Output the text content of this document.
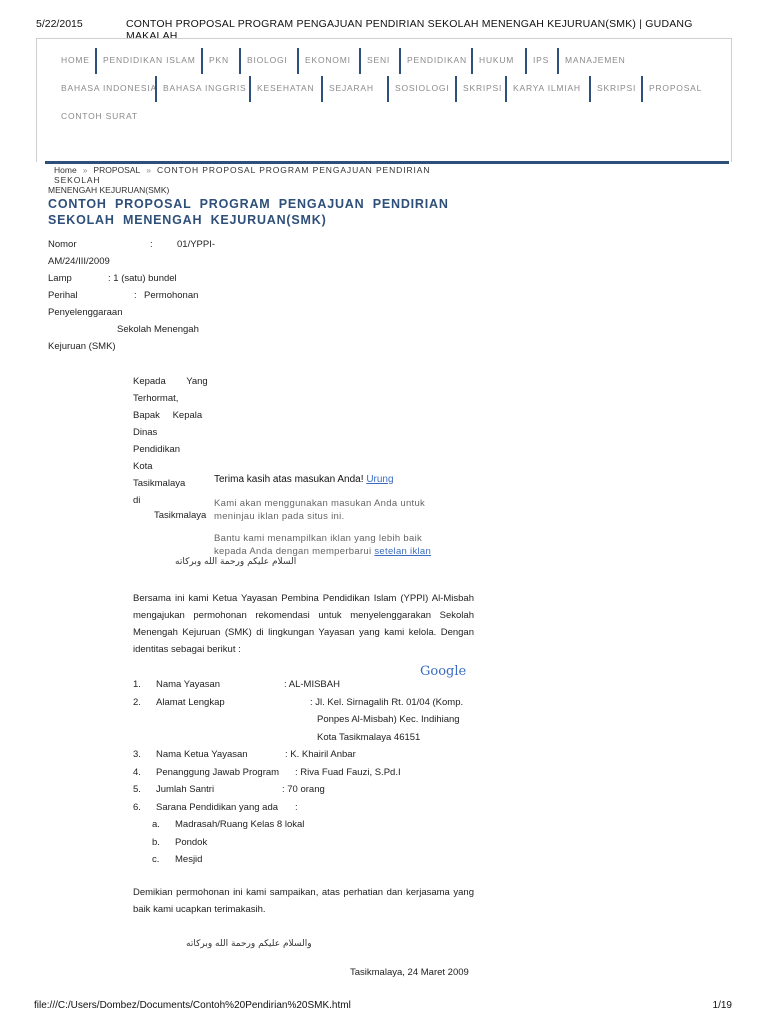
5/22/2015	CONTOH PROPOSAL PROGRAM PENGAJUAN PENDIRIAN SEKOLAH MENENGAH KEJURUAN(SMK) | GUDANG MAKALAH
HOME	PENDIDIKAN ISLAM	PKN	BIOLOGI	EKONOMI	SENI	PENDIDIKAN	HUKUM	IPS	MANAJEMEN
BAHASA INDONESIA BAHASA INGGRIS	KESEHATAN	SEJARAH	SOSIOLOGI	SKRIPSI	KARYA ILMIAH	SKRIPSI	PROPOSAL
CONTOH SURAT
Home » PROPOSAL » CONTOH PROPOSAL PROGRAM PENGAJUAN PENDIRIAN SEKOLAH
MENENGAH KEJURUAN(SMK)
CONTOH PROPOSAL PROGRAM PENGAJUAN PENDIRIAN SEKOLAH MENENGAH KEJURUAN(SMK)
Nomor	:	01/YPPI-
AM/24/III/2009
Lamp	: 1 (satu) bundel
Perihal	: Permohonan
Penyelenggaraan
Sekolah Menengah
Kejuruan (SMK)
Kepada Yang
Terhormat,
Bapak Kepala
Dinas
Pendidikan
Kota
Tasikmalaya
di
Tasikmalaya
Terima kasih atas masukan Anda! Urung
Kami akan menggunakan masukan Anda untuk
meninjau iklan pada situs ini.
Bantu kami menampilkan iklan yang lebih baik
kepada Anda dengan memperbarui setelan iklan
السلام عليكم ورحمة الله وبركاته
Bersama ini kami Ketua Yayasan Pembina Pendidikan Islam (YPPI) Al-Misbah mengajukan permohonan rekomendasi untuk menyelenggarakan Sekolah Menengah Kejuruan (SMK) di lingkungan Yayasan yang kami kelola. Dengan identitas sebagai berikut :
Google
1. Nama Yayasan	: AL-MISBAH
2. Alamat Lengkap	: Jl. Kel. Sirnagalih Rt. 01/04 (Komp.
Ponpes Al-Misbah) Kec. Indihiang
Kota Tasikmalaya 46151
3. Nama Ketua Yayasan	: K. Khairil Anbar
4. Penanggung Jawab Program : Riva Fuad Fauzi, S.Pd.I
5. Jumlah Santri	: 70 orang
6. Sarana Pendidikan yang ada :
a. Madrasah/Ruang Kelas 8 lokal
b. Pondok
c. Mesjid
Demikian permohonan ini kami sampaikan, atas perhatian dan kerjasama yang baik kami ucapkan terimakasih.
والسلام عليكم ورحمة الله وبركاته
Tasikmalaya, 24 Maret 2009
file:///C:/Users/Dombez/Documents/Contoh%20Pendirian%20SMK.html	1/19
